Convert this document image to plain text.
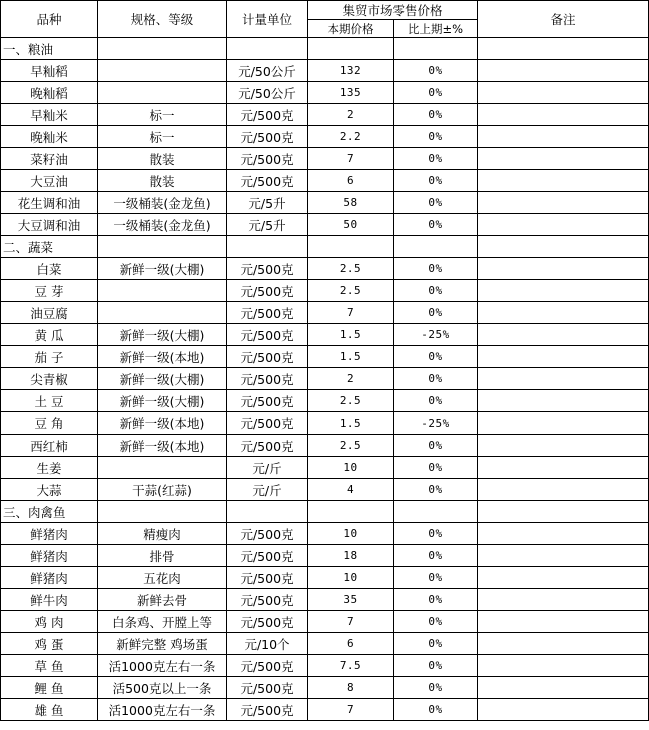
品种	规格、等级	计量单位	集贸市场零售价格		备注
			本期价格	比上期±%	
一、粮油					
早籼稻		元/50公斤	132	0%	
晚籼稻		元/50公斤	135	0%	
早籼米	标一	元/500克	2	0%	
晚籼米	标一	元/500克	2.2	0%	
菜籽油	散装	元/500克	7	0%	
大豆油	散装	元/500克	6	0%	
花生调和油	一级桶装(金龙鱼)	元/5升	58	0%	
大豆调和油	一级桶装(金龙鱼)	元/5升	50	0%	
二、蔬菜					
白菜	新鲜一级(大棚)	元/500克	2.5	0%	
豆 芽		元/500克	2.5	0%	
油豆腐		元/500克	7	0%	
黄 瓜	新鲜一级(大棚)	元/500克	1.5	-25%	
茄 子	新鲜一级(本地)	元/500克	1.5	0%	
尖青椒	新鲜一级(大棚)	元/500克	2	0%	
土 豆	新鲜一级(大棚)	元/500克	2.5	0%	
豆 角	新鲜一级(本地)	元/500克	1.5	-25%	
西红柿	新鲜一级(本地)	元/500克	2.5	0%	
生姜		元/斤	10	0%	
大蒜	干蒜(红蒜)	元/斤	4	0%	
三、肉禽鱼					
鲜猪肉	精瘦肉	元/500克	10	0%	
鲜猪肉	排骨	元/500克	18	0%	
鲜猪肉	五花肉	元/500克	10	0%	
鲜牛肉	新鲜去骨	元/500克	35	0%	
鸡 肉	白条鸡、开膛上等	元/500克	7	0%	
鸡 蛋	新鲜完整 鸡场蛋	元/10个	6	0%	
草 鱼	活1000克左右一条	元/500克	7.5	0%	
鲤 鱼	活500克以上一条	元/500克	8	0%	
雄 鱼	活1000克左右一条	元/500克	7	0%	
